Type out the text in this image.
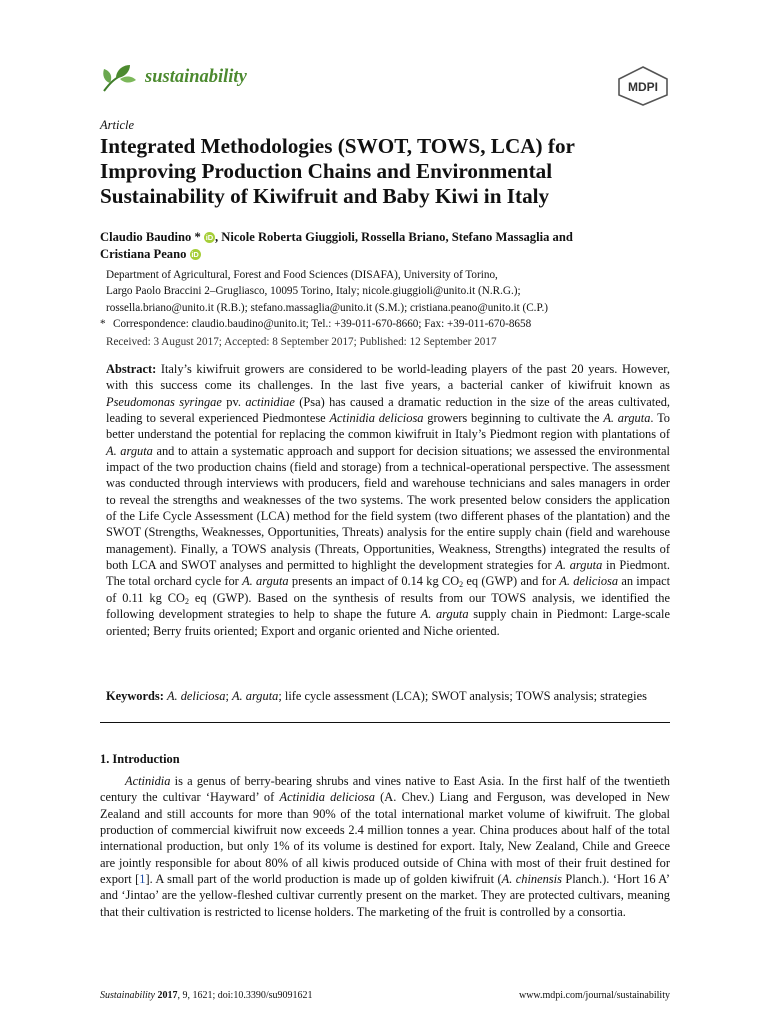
sustainability	MDPI
Article
Integrated Methodologies (SWOT, TOWS, LCA) for Improving Production Chains and Environmental Sustainability of Kiwifruit and Baby Kiwi in Italy
Claudio Baudino * iD , Nicole Roberta Giuggioli, Rossella Briano, Stefano Massaglia and
Cristiana Peano iD
Department of Agricultural, Forest and Food Sciences (DISAFA), University of Torino,
Largo Paolo Braccini 2–Grugliasco, 10095 Torino, Italy; nicole.giuggioli@unito.it (N.R.G.);
rossella.briano@unito.it (R.B.); stefano.massaglia@unito.it (S.M.); cristiana.peano@unito.it (C.P.)
* Correspondence: claudio.baudino@unito.it; Tel.: +39-011-670-8660; Fax: +39-011-670-8658
Received: 3 August 2017; Accepted: 8 September 2017; Published: 12 September 2017
Abstract: Italy’s kiwifruit growers are considered to be world-leading players of the past 20 years. However, with this success come its challenges. In the last five years, a bacterial canker of kiwifruit known as Pseudomonas syringae pv. actinidiae (Psa) has caused a dramatic reduction in the size of the areas cultivated, leading to several experienced Piedmontese Actinidia deliciosa growers beginning to cultivate the A. arguta. To better understand the potential for replacing the common kiwifruit in Italy’s Piedmont region with plantations of A. arguta and to attain a systematic approach and support for decision situations; we assessed the environmental impact of the two production chains (field and storage) from a technical-operational perspective. The assessment was conducted through interviews with producers, field and warehouse technicians and sales managers in order to reveal the strengths and weaknesses of the two systems. The work presented below considers the application of the Life Cycle Assessment (LCA) method for the field system (two different phases of the plantation) and the SWOT (Strengths, Weaknesses, Opportunities, Threats) analysis for the entire supply chain (field and warehouse management). Finally, a TOWS analysis (Threats, Opportunities, Weakness, Strengths) integrated the results of both LCA and SWOT analyses and permitted to highlight the development strategies for A. arguta in Piedmont. The total orchard cycle for A. arguta presents an impact of 0.14 kg $CO_2$ eq (GWP) and for A. deliciosa an impact of 0.11 kg $CO_2$ eq (GWP). Based on the synthesis of results from our TOWS analysis, we identified the following development strategies to help to shape the future A. arguta supply chain in Piedmont: Large-scale oriented; Berry fruits oriented; Export and organic oriented and Niche oriented.
Keywords: A. deliciosa; A. arguta; life cycle assessment (LCA); SWOT analysis; TOWS analysis; strategies
1. Introduction

Actinidia is a genus of berry-bearing shrubs and vines native to East Asia. In the first half of the twentieth century the cultivar ‘Hayward’ of Actinidia deliciosa (A. Chev.) Liang and Ferguson, was developed in New Zealand and still accounts for more than 90% of the total international market volume of kiwifruit. The global production of commercial kiwifruit now exceeds 2.4 million tonnes a year. China produces about half of the total international production, but only 1% of its volume is destined for export. Italy, New Zealand, Chile and Greece are jointly responsible for about 80% of all kiwis produced outside of China with most of their fruit destined for export [1]. A small part of the world production is made up of golden kiwifruit (A. chinensis Planch.). ‘Hort 16 A’ and ‘Jintao’ are the yellow-fleshed cultivar currently present on the market. They are protected cultivars, meaning that their cultivation is restricted to license holders. The marketing of the fruit is controlled by a consortia.

Sustainability 2017, 9, 1621; doi:10.3390/su9091621	www.mdpi.com/journal/sustainability
